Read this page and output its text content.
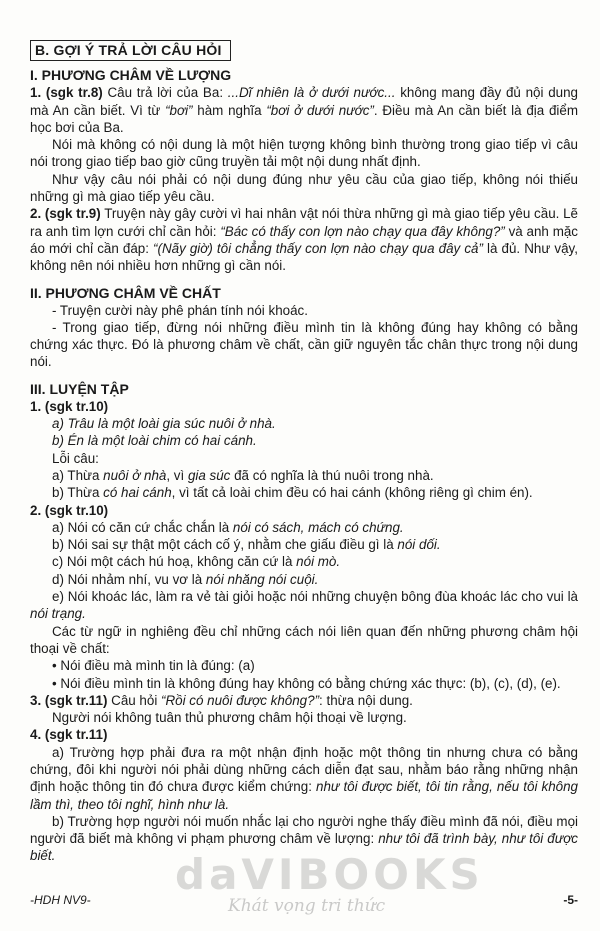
B. GỢI Ý TRẢ LỜI CÂU HỎI
I. PHƯƠNG CHÂM VỀ LƯỢNG

1. (sgk tr.8) Câu trả lời của Ba: ...Dĩ nhiên là ở dưới nước... không mang đầy đủ nội dung mà An cần biết. Vì từ “bơi” hàm nghĩa “bơi ở dưới nước”. Điều mà An cần biết là địa điểm học bơi của Ba.

Nói mà không có nội dung là một hiện tượng không bình thường trong giao tiếp vì câu nói trong giao tiếp bao giờ cũng truyền tải một nội dung nhất định.

Như vậy câu nói phải có nội dung đúng như yêu cầu của giao tiếp, không nói thiếu những gì mà giao tiếp yêu cầu.

2. (sgk tr.9) Truyện này gây cười vì hai nhân vật nói thừa những gì mà giao tiếp yêu cầu. Lẽ ra anh tìm lợn cưới chỉ cần hỏi: “Bác có thấy con lợn nào chạy qua đây không?” và anh mặc áo mới chỉ cần đáp: “(Nãy giờ) tôi chẳng thấy con lợn nào chạy qua đây cả” là đủ. Như vậy, không nên nói nhiều hơn những gì cần nói.

II. PHƯƠNG CHÂM VỀ CHẤT

- Truyện cười này phê phán tính nói khoác.

- Trong giao tiếp, đừng nói những điều mình tin là không đúng hay không có bằng chứng xác thực. Đó là phương châm về chất, cần giữ nguyên tắc chân thực trong nội dung nói.

III. LUYỆN TẬP

1. (sgk tr.10)

a) Trâu là một loài gia súc nuôi ở nhà.

b) Én là một loài chim có hai cánh.

Lỗi câu:

a) Thừa nuôi ở nhà, vì gia súc đã có nghĩa là thú nuôi trong nhà.

b) Thừa có hai cánh, vì tất cả loài chim đều có hai cánh (không riêng gì chim én).

2. (sgk tr.10)

a) Nói có căn cứ chắc chắn là nói có sách, mách có chứng.

b) Nói sai sự thật một cách cố ý, nhằm che giấu điều gì là nói dối.

c) Nói một cách hú hoạ, không căn cứ là nói mò.

d) Nói nhảm nhí, vu vơ là nói nhăng nói cuội.

e) Nói khoác lác, làm ra vẻ tài giỏi hoặc nói những chuyện bông đùa khoác lác cho vui là nói trạng.

Các từ ngữ in nghiêng đều chỉ những cách nói liên quan đến những phương châm hội thoại về chất:

• Nói điều mà mình tin là đúng: (a)

• Nói điều mình tin là không đúng hay không có bằng chứng xác thực: (b), (c), (d), (e).

3. (sgk tr.11) Câu hỏi “Rồi có nuôi được không?”: thừa nội dung.

Người nói không tuân thủ phương châm hội thoại về lượng.

4. (sgk tr.11)

a) Trường hợp phải đưa ra một nhận định hoặc một thông tin nhưng chưa có bằng chứng, đôi khi người nói phải dùng những cách diễn đạt sau, nhằm báo rằng những nhận định hoặc thông tin đó chưa được kiểm chứng: như tôi được biết, tôi tin rằng, nếu tôi không lầm thì, theo tôi nghĩ, hình như là.

b) Trường hợp người nói muốn nhắc lại cho người nghe thấy điều mình đã nói, điều mọi người đã biết mà không vi phạm phương châm về lượng: như tôi đã trình bày, như tôi được biết.	daVIBOOKS
Khát vọng tri thức
-HDH NV9-	-5-
